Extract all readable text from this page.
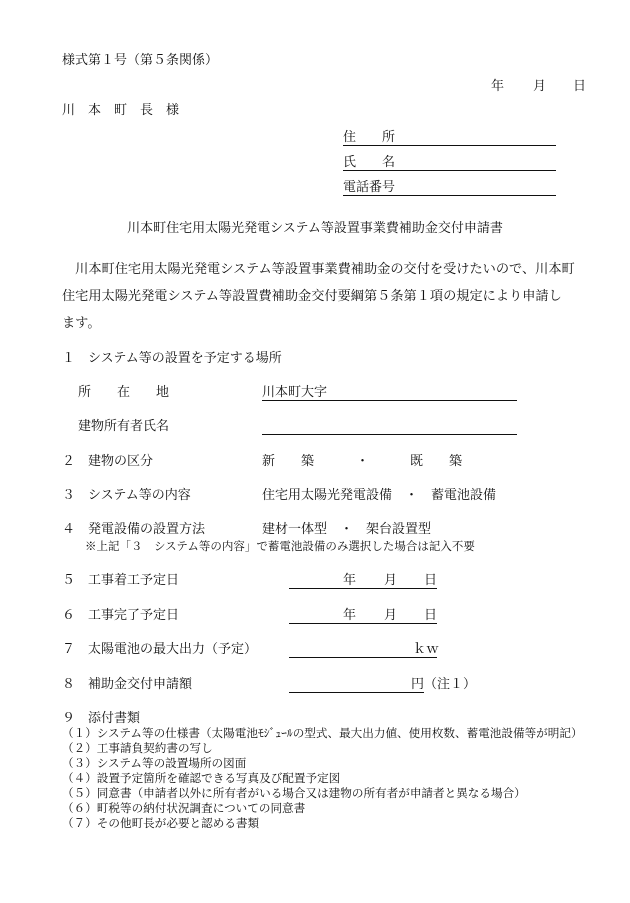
様式第１号（第５条関係）
年 月 日
川　本　町　長　様
住　　所
氏　　名
電話番号
川本町住宅用太陽光発電システム等設置事業費補助金交付申請書
　川本町住宅用太陽光発電システム等設置事業費補助金の交付を受けたいので、川本町
住宅用太陽光発電システム等設置費補助金交付要綱第５条第１項の規定により申請し
ます。
１　システム等の設置を予定する場所
所　　在　　地	川本町大字
建物所有者氏名
２　建物の区分	新　　築	・	既　　築
３　システム等の内容	住宅用太陽光発電設備　・　蓄電池設備
４　発電設備の設置方法	建材一体型　・　架台設置型
※上記「３　システム等の内容」で蓄電池設備のみ選択した場合は記入不要
５　工事着工予定日	年 月 日
６　工事完了予定日	年 月 日
７　太陽電池の最大出力（予定）	ｋｗ
８　補助金交付申請額	円（注１）
９　添付書類
（１）システム等の仕様書（太陽電池ﾓｼﾞｭｰﾙの型式、最大出力値、使用枚数、蓄電池設備等が明記）
（２）工事請負契約書の写し
（３）システム等の設置場所の図面
（４）設置予定箇所を確認できる写真及び配置予定図
（５）同意書（申請者以外に所有者がいる場合又は建物の所有者が申請者と異なる場合）
（６）町税等の納付状況調査についての同意書
（７）その他町長が必要と認める書類
